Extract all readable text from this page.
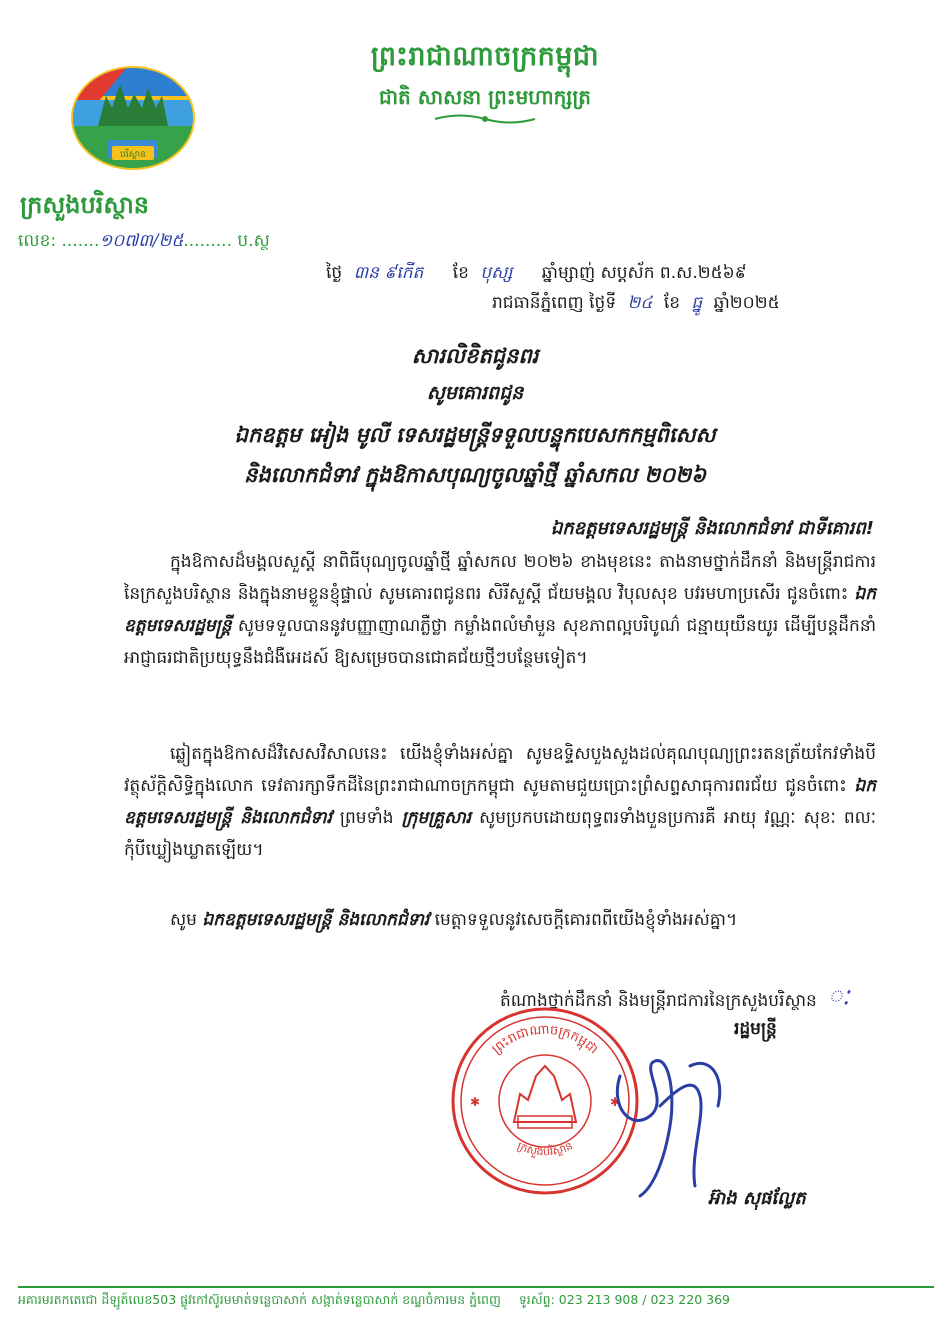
បរិស្ថាន
ព្រះរាជាណាចក្រកម្ពុជា
ជាតិ សាសនា ព្រះមហាក្សត្រ
ក្រសួងបរិស្ថាន
លេខ: .......១០៧៣/២៥......... ប.ស្ថ
ថ្ងៃ ៣ន ៩កើត ខែ បុស្ស ឆ្នាំម្សាញ់ សប្តស័ក ព.ស.២៥៦៩
រាជធានីភ្នំពេញ ថ្ងៃទី ២៤ ខែ ធ្នូ ឆ្នាំ២០២៥
សារលិខិតជូនពរ
សូមគោរពជូន
ឯកឧត្តម អៀង មូលី ទេសរដ្ឋមន្ត្រីទទួលបន្ទុកបេសកកម្មពិសេស
និងលោកជំទាវ ក្នុងឱកាសបុណ្យចូលឆ្នាំថ្មី ឆ្នាំសកល ២០២៦
ឯកឧត្តមទេសរដ្ឋមន្ត្រី និងលោកជំទាវ ជាទីគោរព!
ក្នុងឱកាសដ៏មង្គលសួស្តី នាពិធីបុណ្យចូលឆ្នាំថ្មី ឆ្នាំសកល ២០២៦ ខាងមុខនេះ តាងនាមថ្នាក់ដឹកនាំ និងមន្ត្រីរាជការនៃក្រសួងបរិស្ថាន និងក្នុងនាមខ្លួនខ្ញុំផ្ទាល់ សូមគោរពជូនពរ សិរីសួស្តី ជ័យមង្គល វិបុលសុខ បវរមហាប្រសើរ ជូនចំពោះ ឯកឧត្តមទេសរដ្ឋមន្ត្រី សូមទទួលបាននូវបញ្ញាញាណភ្លឺថ្លា កម្លាំងពលំមាំមួន សុខភាពល្អបរិបូណ៌ ជន្មាយុយឺនយូរ ដើម្បីបន្តដឹកនាំអាជ្ញាធរជាតិប្រយុទ្ធនឹងជំងឺអេដស៍ ឱ្យសម្រេចបានជោគជ័យថ្មីៗបន្ថែមទៀត។
ឆ្លៀតក្នុងឱកាសដ៏វិសេសវិសាលនេះ យើងខ្ញុំទាំងអស់គ្នា សូមឧទ្ទិសបួងសួងដល់គុណបុណ្យព្រះរតនត្រ័យកែវទាំងបី វត្ថុស័ក្តិសិទ្ធិក្នុងលោក ទេវតារក្សាទឹកដីនៃព្រះរាជាណាចក្រកម្ពុជា សូមតាមជួយប្រោះព្រំសព្ទសាធុការពរជ័យ ជូនចំពោះ ឯកឧត្តមទេសរដ្ឋមន្ត្រី និងលោកជំទាវ ព្រមទាំង ក្រុមគ្រួសារ សូមប្រកបដោយពុទ្ធពរទាំងបួនប្រការគឺ អាយុ វណ្ណៈ សុខៈ ពលៈ កុំបីឃ្លៀងឃ្លាតឡើយ។
សូម ឯកឧត្តមទេសរដ្ឋមន្ត្រី និងលោកជំទាវ មេត្តាទទួលនូវសេចក្តីគោរពពីយើងខ្ញុំទាំងអស់គ្នា។
តំណាងថ្នាក់ដឹកនាំ និងមន្ត្រីរាជការនៃក្រសួងបរិស្ថាន ៈ
រដ្ឋមន្ត្រី
ព្រះរាជាណាចក្រកម្ពុជា
ក្រសួងបរិស្ថាន
✱	✱
អ៊ាង សុផល្លែត
អគារមរតកតេជោ ដីឡូត៍លេខ503 ផ្លូវកៅស៊ូរមមាត់ទន្លេបាសាក់ សង្កាត់ទន្លេបាសាក់ ខណ្ឌចំការមន ភ្នំពេញ ទូរស័ព្ទ: 023 213 908 / 023 220 369
